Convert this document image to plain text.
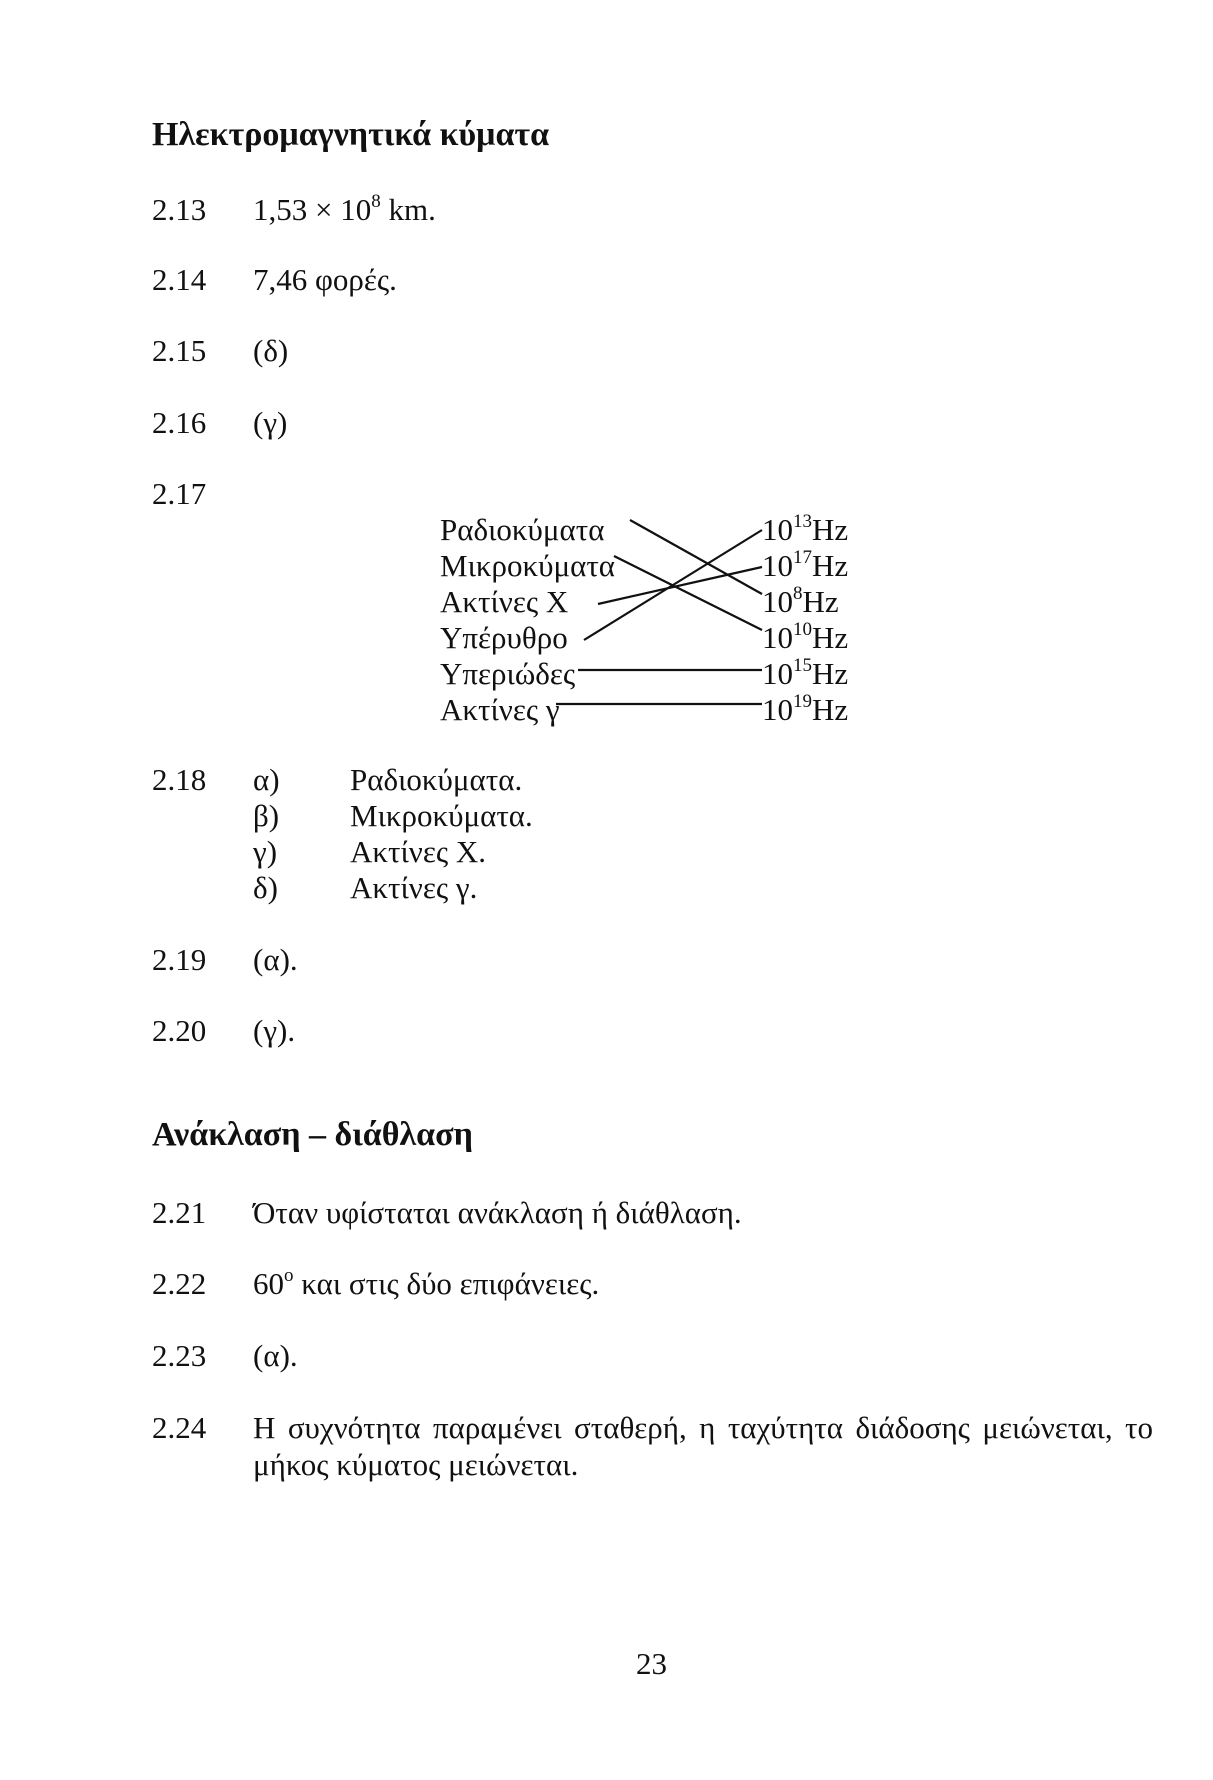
Ηλεκτρομαγνητικά κύματα
2.13 $1,53 \times 10^8$ km.
2.14 7,46 φορές.
2.15 (δ)
2.16 (γ)
2.17
Ραδιοκύματα
Μικροκύματα
Ακτίνες Χ
Υπέρυθρο
Υπεριώδες
Ακτίνες γ
$10^{13}Hz$
$10^{17}Hz$
$10^8Hz$
$10^{10}Hz$
$10^{15}Hz$
$10^{19}Hz$
2.18 α) Ραδιοκύματα.
β) Μικροκύματα.
γ) Ακτίνες Χ.
δ) Ακτίνες γ.
2.19 (α).
2.20 (γ).
Ανάκλαση – διάθλαση
2.21 Όταν υφίσταται ανάκλαση ή διάθλαση.
2.22 60$^o$ και στις δύο επιφάνειες.
2.23 (α).
2.24 Η συχνότητα παραμένει σταθερή, η ταχύτητα διάδοσης μειώνεται, το
μήκος κύματος μειώνεται.
23
